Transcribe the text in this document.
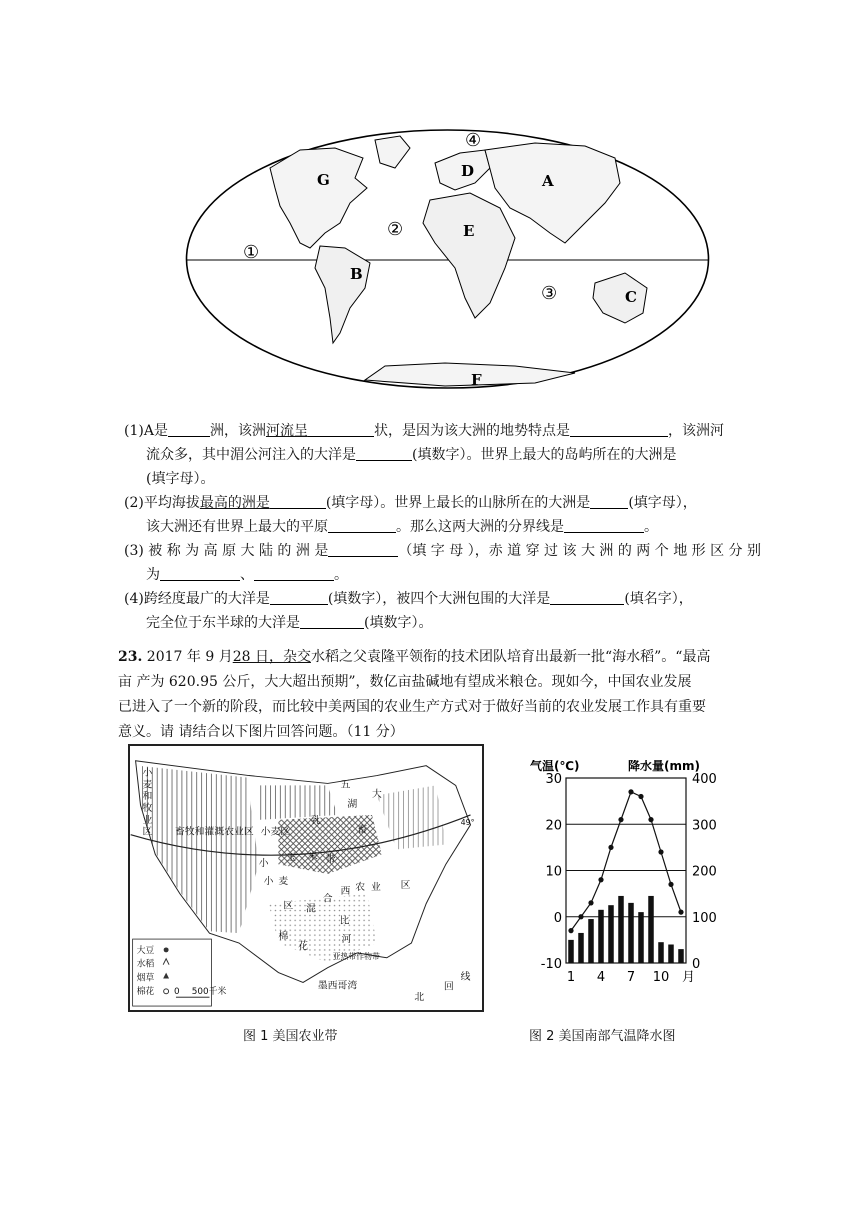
④
②
①
③
G	D
A
E
B
C
F
(1)A是	洲，该洲河流呈	状，是因为该大洲的地势特点是	，该洲河
流众多，其中湄公河注入的大洋是	(填数字）。世界上最大的岛屿所在的大洲是
(填字母）。
(2)平均海拔最高的洲是	(填字母）。世界上最长的山脉所在的大洲是	(填字母），
该大洲还有世界上最大的平原	。那么这两大洲的分界线是	。
(3) 被 称 为 高 原 大 陆 的 洲 是	（填 字 母 ），赤 道 穿 过 该 大 洲 的 两 个 地 形 区 分 别
为	、	。
(4)跨经度最广的大洋是	(填数字），被四个大洲包围的大洋是	(填名字），
完全位于东半球的大洋是	(填数字）。

23. 2017 年 9 月28 日，杂交水稻之父袁隆平领衔的技术团队培育出最新一批“海水稻”。“最高

亩 产为 620.95 公斤，大大超出预期”，数亿亩盐碱地有望成米粮仓。现如今，中国农业发展

已进入了一个新的阶段，而比较中美两国的农业生产方式对于做好当前的农业发展工作具有重要

意义。请 请结合以下图片回答问题。（11 分）

畜牧和灌溉农业区 小麦区
乳
畜
小
玉 米 带
小 麦
区 混
合
西 农 业 区
棉
花
比
河
亚热带作物带
墨西哥湾
北
回
线
五
大
湖
小
麦
和
牧
业
区
49°
大豆
水稻
烟草
棉花 0 500千米
气温(℃)	降水量(mm)
30
20
10
0
-10
400
300
200
100
0
1 4 7 10 月
图 1 美国农业带	图 2 美国南部气温降水图
